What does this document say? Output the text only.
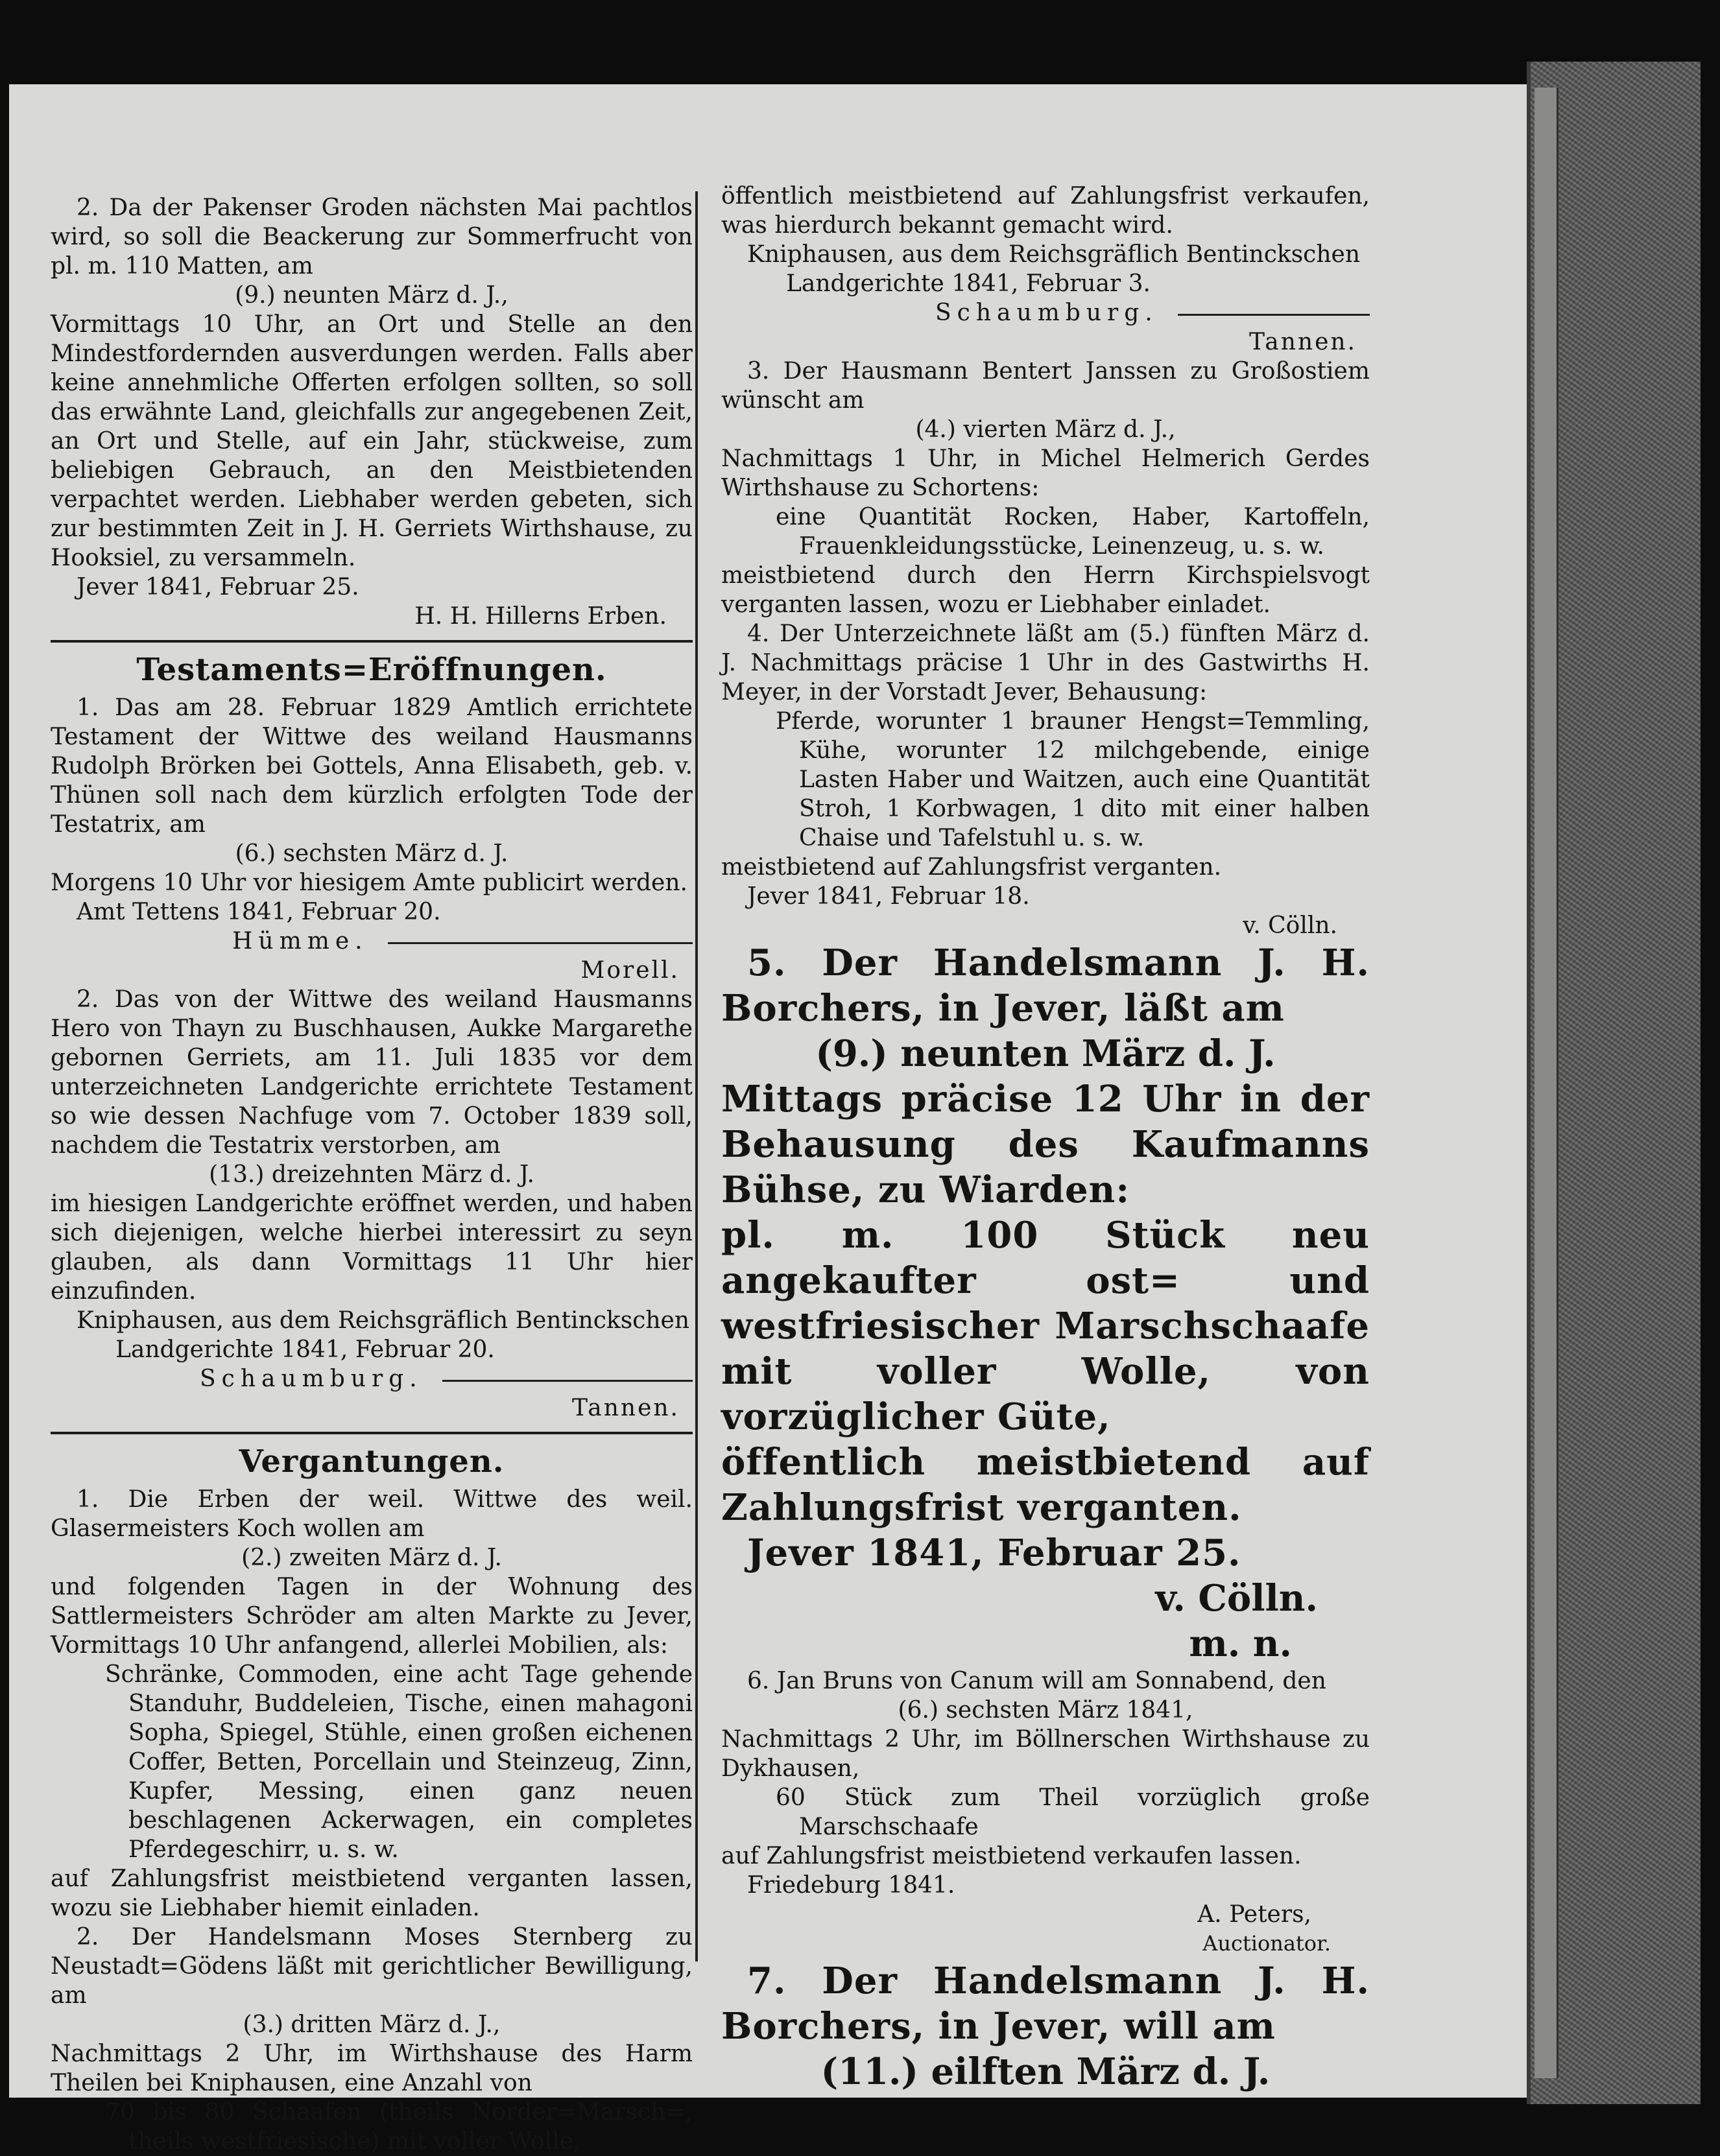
2. Da der Pakenser Groden nächsten Mai pachtlos wird, so soll die Beackerung zur Sommerfrucht von pl. m. 110 Matten, am

(9.) neunten März d. J.,

Vormittags 10 Uhr, an Ort und Stelle an den Mindestfordernden ausverdungen werden. Falls aber keine annehmliche Offerten erfolgen sollten, so soll das erwähnte Land, gleichfalls zur angegebenen Zeit, an Ort und Stelle, auf ein Jahr, stückweise, zum beliebigen Gebrauch, an den Meistbietenden verpachtet werden. Liebhaber werden gebeten, sich zur bestimmten Zeit in J. H. Gerriets Wirthshause, zu Hooksiel, zu versammeln.

Jever 1841, Februar 25.

H. H. Hillerns Erben.

Testaments=Eröffnungen.

1. Das am 28. Februar 1829 Amtlich errichtete Testament der Wittwe des weiland Hausmanns Rudolph Brörken bei Gottels, Anna Elisabeth, geb. v. Thünen soll nach dem kürzlich erfolgten Tode der Testatrix, am

(6.) sechsten März d. J.

Morgens 10 Uhr vor hiesigem Amte publicirt werden.

Amt Tettens 1841, Februar 20.

Hümme.

Morell.

2. Das von der Wittwe des weiland Hausmanns Hero von Thayn zu Buschhausen, Aukke Margarethe gebornen Gerriets, am 11. Juli 1835 vor dem unterzeichneten Landgerichte errichtete Testament so wie dessen Nachfuge vom 7. October 1839 soll, nachdem die Testatrix verstorben, am

(13.) dreizehnten März d. J.

im hiesigen Landgerichte eröffnet werden, und haben sich diejenigen, welche hierbei interessirt zu seyn glauben, als dann Vormittags 11 Uhr hier einzufinden.

Kniphausen, aus dem Reichsgräflich Bentinckschen

Landgerichte 1841, Februar 20.

Schaumburg.

Tannen.

Vergantungen.

1. Die Erben der weil. Wittwe des weil. Glasermeisters Koch wollen am

(2.) zweiten März d. J.

und folgenden Tagen in der Wohnung des Sattlermeisters Schröder am alten Markte zu Jever, Vormittags 10 Uhr anfangend, allerlei Mobilien, als:

Schränke, Commoden, eine acht Tage gehende Standuhr, Buddeleien, Tische, einen mahagoni Sopha, Spiegel, Stühle, einen großen eichenen Coffer, Betten, Porcellain und Steinzeug, Zinn, Kupfer, Messing, einen ganz neuen beschlagenen Ackerwagen, ein completes Pferdegeschirr, u. s. w.

auf Zahlungsfrist meistbietend verganten lassen, wozu sie Liebhaber hiemit einladen.

2. Der Handelsmann Moses Sternberg zu Neustadt=Gödens läßt mit gerichtlicher Bewilligung, am

(3.) dritten März d. J.,

Nachmittags 2 Uhr, im Wirthshause des Harm Theilen bei Kniphausen, eine Anzahl von

70 bis 80 Schaafen (theils Norder=Marsch=, theils westfriesische) mit voller Wolle,

öffentlich meistbietend auf Zahlungsfrist verkaufen, was hierdurch bekannt gemacht wird.

Kniphausen, aus dem Reichsgräflich Bentinckschen

Landgerichte 1841, Februar 3.

Schaumburg.

Tannen.

3. Der Hausmann Bentert Janssen zu Großostiem wünscht am

(4.) vierten März d. J.,

Nachmittags 1 Uhr, in Michel Helmerich Gerdes Wirthshause zu Schortens:

eine Quantität Rocken, Haber, Kartoffeln, Frauenkleidungsstücke, Leinenzeug, u. s. w.

meistbietend durch den Herrn Kirchspielsvogt verganten lassen, wozu er Liebhaber einladet.

4. Der Unterzeichnete läßt am (5.) fünften März d. J. Nachmittags präcise 1 Uhr in des Gastwirths H. Meyer, in der Vorstadt Jever, Behausung:

Pferde, worunter 1 brauner Hengst=Temmling, Kühe, worunter 12 milchgebende, einige Lasten Haber und Waitzen, auch eine Quantität Stroh, 1 Korbwagen, 1 dito mit einer halben Chaise und Tafelstuhl u. s. w.

meistbietend auf Zahlungsfrist verganten.

Jever 1841, Februar 18.

v. Cölln.

5. Der Handelsmann J. H. Borchers, in Jever, läßt am

(9.) neunten März d. J.

Mittags präcise 12 Uhr in der Behausung des Kaufmanns Bühse, zu Wiarden:

pl. m. 100 Stück neu angekaufter ost= und westfriesischer Marschschaafe mit voller Wolle, von vorzüglicher Güte,

öffentlich meistbietend auf Zahlungsfrist verganten.

Jever 1841, Februar 25.

v. Cölln.

m. n.

6. Jan Bruns von Canum will am Sonnabend, den

(6.) sechsten März 1841,

Nachmittags 2 Uhr, im Böllnerschen Wirthshause zu Dykhausen,

60 Stück zum Theil vorzüglich große Marschschaafe

auf Zahlungsfrist meistbietend verkaufen lassen.

Friedeburg 1841.

A. Peters,

Auctionator.

7. Der Handelsmann J. H. Borchers, in Jever, will am

(11.) eilften März d. J.
